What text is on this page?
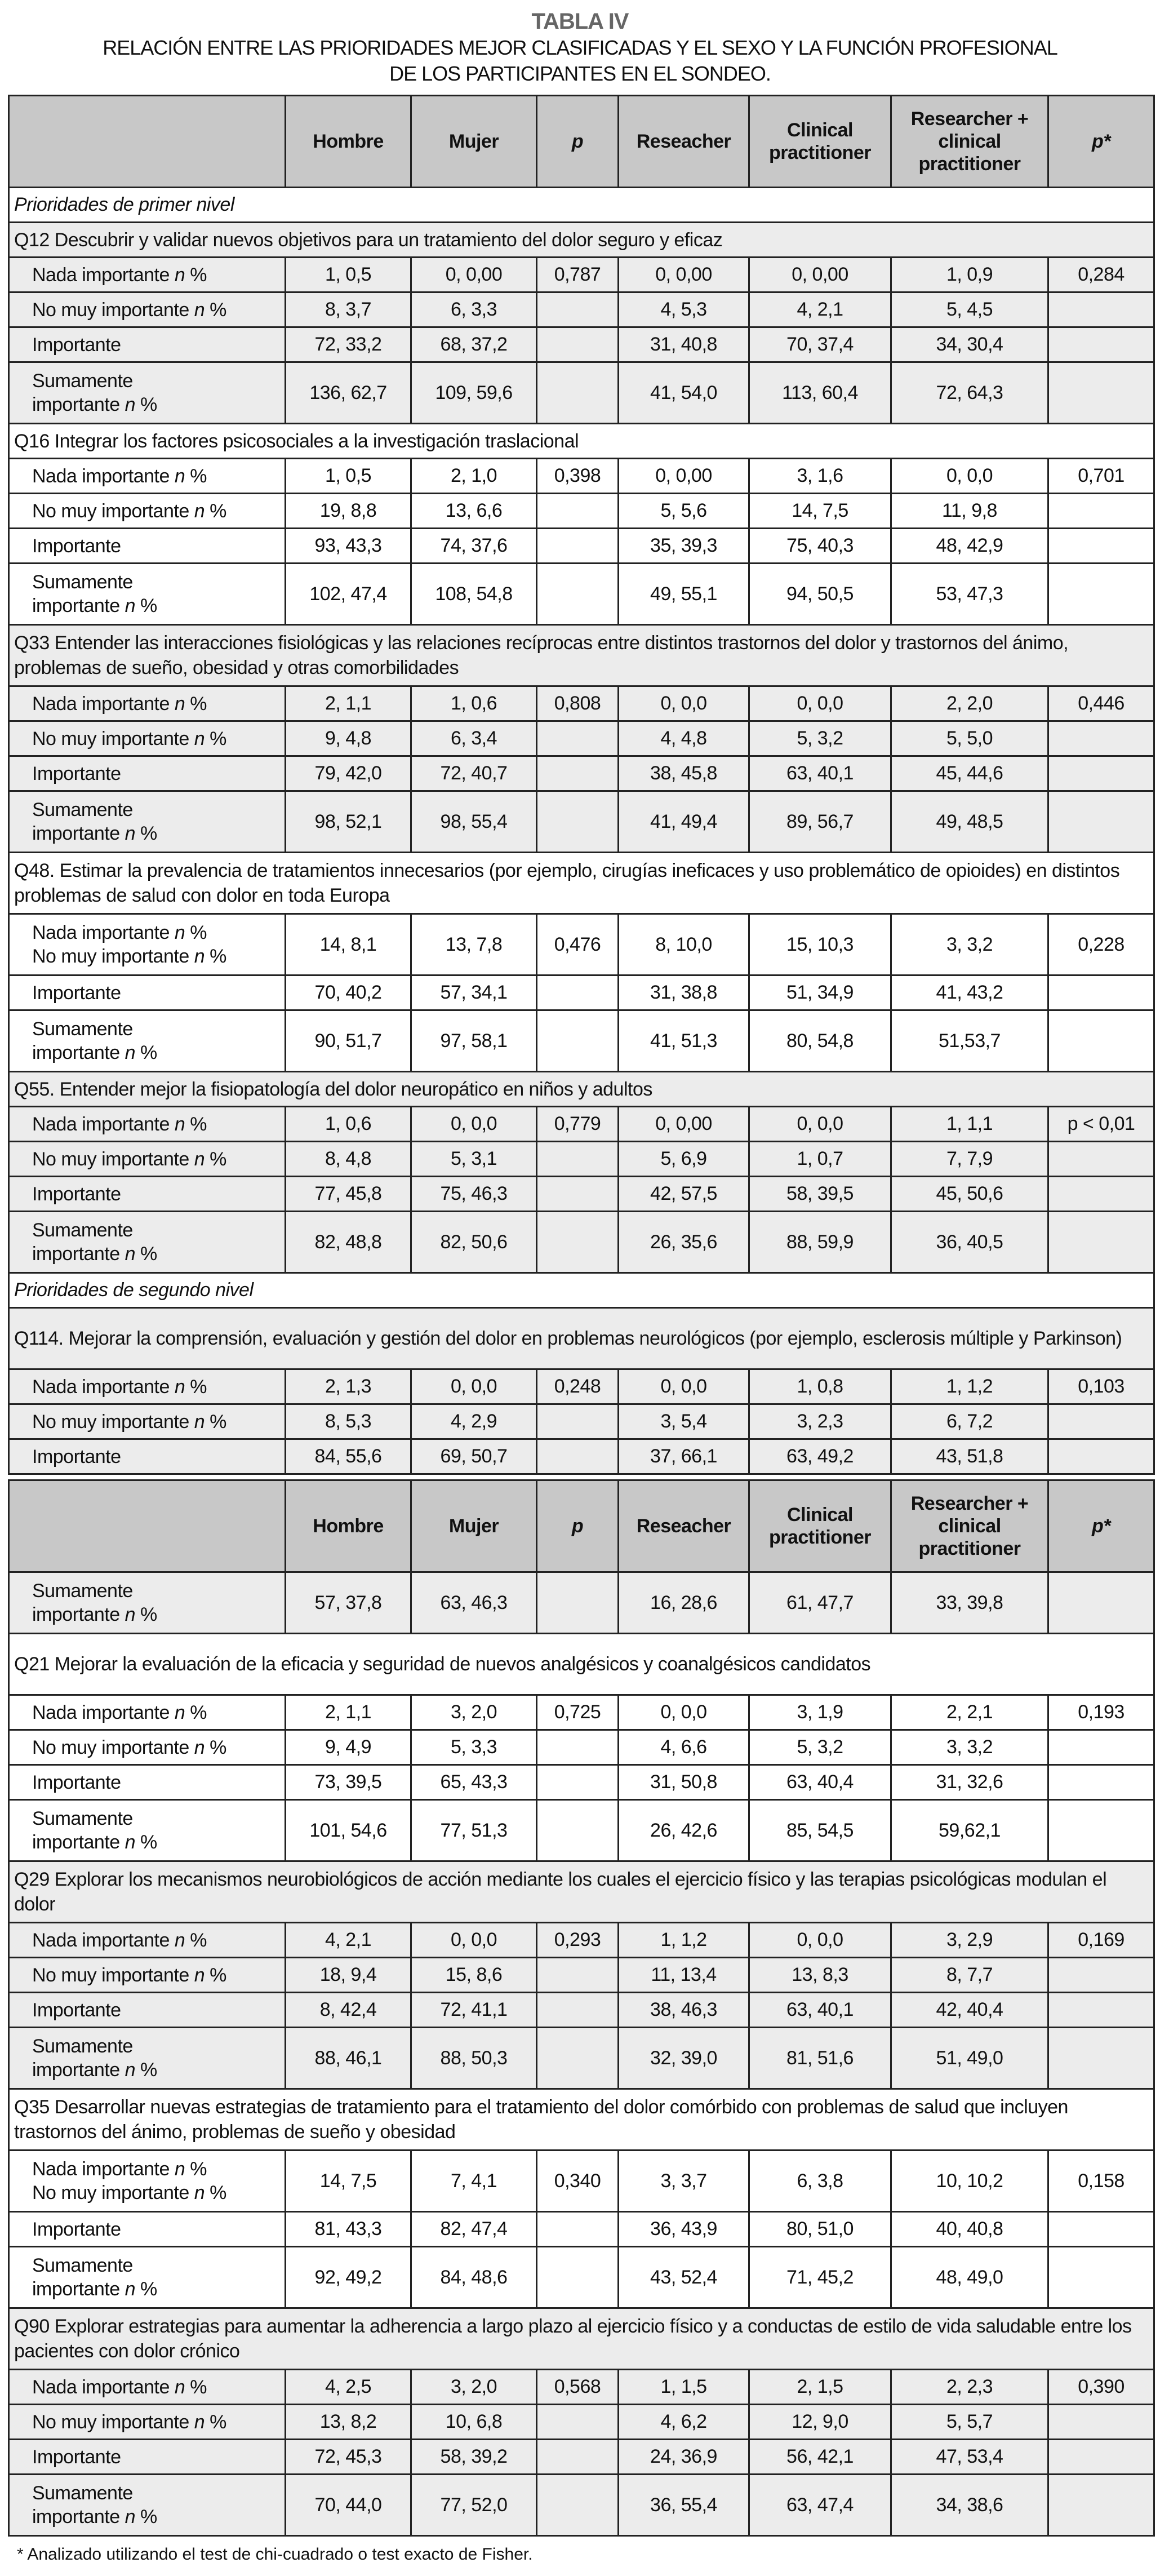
TABLA IV
RELACIÓN ENTRE LAS PRIORIDADES MEJOR CLASIFICADAS Y EL SEXO Y LA FUNCIÓN PROFESIONAL
DE LOS PARTICIPANTES EN EL SONDEO.
	Hombre	Mujer	p	Reseacher	Clinical practitioner	Researcher + clinical practitioner	p*
Prioridades de primer nivel							
Q12 Descubrir y validar nuevos objetivos para un tratamiento del dolor seguro y eficaz							

Nada importante n %	1, 0,5	0, 0,00	0,787	0, 0,00	0, 0,00	1, 0,9	0,284

No muy importante n %	8, 3,7	6, 3,3		4, 5,3	4, 2,1	5, 4,5	

Importante	72, 33,2	68, 37,2		31, 40,8	70, 37,4	34, 30,4	

Sumamente
importante n %	136, 62,7	109, 59,6		41, 54,0	113, 60,4	72, 64,3	
Q16 Integrar los factores psicosociales a la investigación traslacional							

Nada importante n %	1, 0,5	2, 1,0	0,398	0, 0,00	3, 1,6	0, 0,0	0,701

No muy importante n %	19, 8,8	13, 6,6		5, 5,6	14, 7,5	11, 9,8	

Importante	93, 43,3	74, 37,6		35, 39,3	75, 40,3	48, 42,9	

Sumamente
importante n %	102, 47,4	108, 54,8		49, 55,1	94, 50,5	53, 47,3	
Q33 Entender las interacciones fisiológicas y las relaciones recíprocas entre distintos trastornos del dolor y trastornos del ánimo, problemas de sueño, obesidad y otras comorbilidades							

Nada importante n %	2, 1,1	1, 0,6	0,808	0, 0,0	0, 0,0	2, 2,0	0,446

No muy importante n %	9, 4,8	6, 3,4		4, 4,8	5, 3,2	5, 5,0	

Importante	79, 42,0	72, 40,7		38, 45,8	63, 40,1	45, 44,6	

Sumamente
importante n %	98, 52,1	98, 55,4		41, 49,4	89, 56,7	49, 48,5	
Q48. Estimar la prevalencia de tratamientos innecesarios (por ejemplo, cirugías ineficaces y uso problemático de opioides) en distintos problemas de salud con dolor en toda Europa							

Nada importante n %
No muy importante n %	14, 8,1	13, 7,8	0,476	8, 10,0	15, 10,3	3, 3,2	0,228

Importante	70, 40,2	57, 34,1		31, 38,8	51, 34,9	41, 43,2	

Sumamente
importante n %	90, 51,7	97, 58,1		41, 51,3	80, 54,8	51,53,7	
Q55. Entender mejor la fisiopatología del dolor neuropático en niños y adultos							

Nada importante n %	1, 0,6	0, 0,0	0,779	0, 0,00	0, 0,0	1, 1,1	p < 0,01

No muy importante n %	8, 4,8	5, 3,1		5, 6,9	1, 0,7	7, 7,9	

Importante	77, 45,8	75, 46,3		42, 57,5	58, 39,5	45, 50,6	

Sumamente
importante n %	82, 48,8	82, 50,6		26, 35,6	88, 59,9	36, 40,5	
Prioridades de segundo nivel							
Q114. Mejorar la comprensión, evaluación y gestión del dolor en problemas neurológicos (por ejemplo, esclerosis múltiple y Parkinson)							

Nada importante n %	2, 1,3	0, 0,0	0,248	0, 0,0	1, 0,8	1, 1,2	0,103

No muy importante n %	8, 5,3	4, 2,9		3, 5,4	3, 2,3	6, 7,2	

Importante	84, 55,6	69, 50,7		37, 66,1	63, 49,2	43, 51,8	
	Hombre	Mujer	p	Reseacher	Clinical practitioner	Researcher + clinical practitioner	p*

Sumamente
importante n %	57, 37,8	63, 46,3		16, 28,6	61, 47,7	33, 39,8	
Q21 Mejorar la evaluación de la eficacia y seguridad de nuevos analgésicos y coanalgésicos candidatos							

Nada importante n %	2, 1,1	3, 2,0	0,725	0, 0,0	3, 1,9	2, 2,1	0,193

No muy importante n %	9, 4,9	5, 3,3		4, 6,6	5, 3,2	3, 3,2	

Importante	73, 39,5	65, 43,3		31, 50,8	63, 40,4	31, 32,6	

Sumamente
importante n %	101, 54,6	77, 51,3		26, 42,6	85, 54,5	59,62,1	
Q29 Explorar los mecanismos neurobiológicos de acción mediante los cuales el ejercicio físico y las terapias psicológicas modulan el dolor							

Nada importante n %	4, 2,1	0, 0,0	0,293	1, 1,2	0, 0,0	3, 2,9	0,169

No muy importante n %	18, 9,4	15, 8,6		11, 13,4	13, 8,3	8, 7,7	

Importante	8, 42,4	72, 41,1		38, 46,3	63, 40,1	42, 40,4	

Sumamente
importante n %	88, 46,1	88, 50,3		32, 39,0	81, 51,6	51, 49,0	
Q35 Desarrollar nuevas estrategias de tratamiento para el tratamiento del dolor comórbido con problemas de salud que incluyen trastornos del ánimo, problemas de sueño y obesidad							

Nada importante n %
No muy importante n %	14, 7,5	7, 4,1	0,340	3, 3,7	6, 3,8	10, 10,2	0,158

Importante	81, 43,3	82, 47,4		36, 43,9	80, 51,0	40, 40,8	

Sumamente
importante n %	92, 49,2	84, 48,6		43, 52,4	71, 45,2	48, 49,0	
Q90 Explorar estrategias para aumentar la adherencia a largo plazo al ejercicio físico y a conductas de estilo de vida saludable entre los pacientes con dolor crónico							

Nada importante n %	4, 2,5	3, 2,0	0,568	1, 1,5	2, 1,5	2, 2,3	0,390

No muy importante n %	13, 8,2	10, 6,8		4, 6,2	12, 9,0	5, 5,7	

Importante	72, 45,3	58, 39,2		24, 36,9	56, 42,1	47, 53,4	

Sumamente
importante n %	70, 44,0	77, 52,0		36, 55,4	63, 47,4	34, 38,6	
* Analizado utilizando el test de chi-cuadrado o test exacto de Fisher.
